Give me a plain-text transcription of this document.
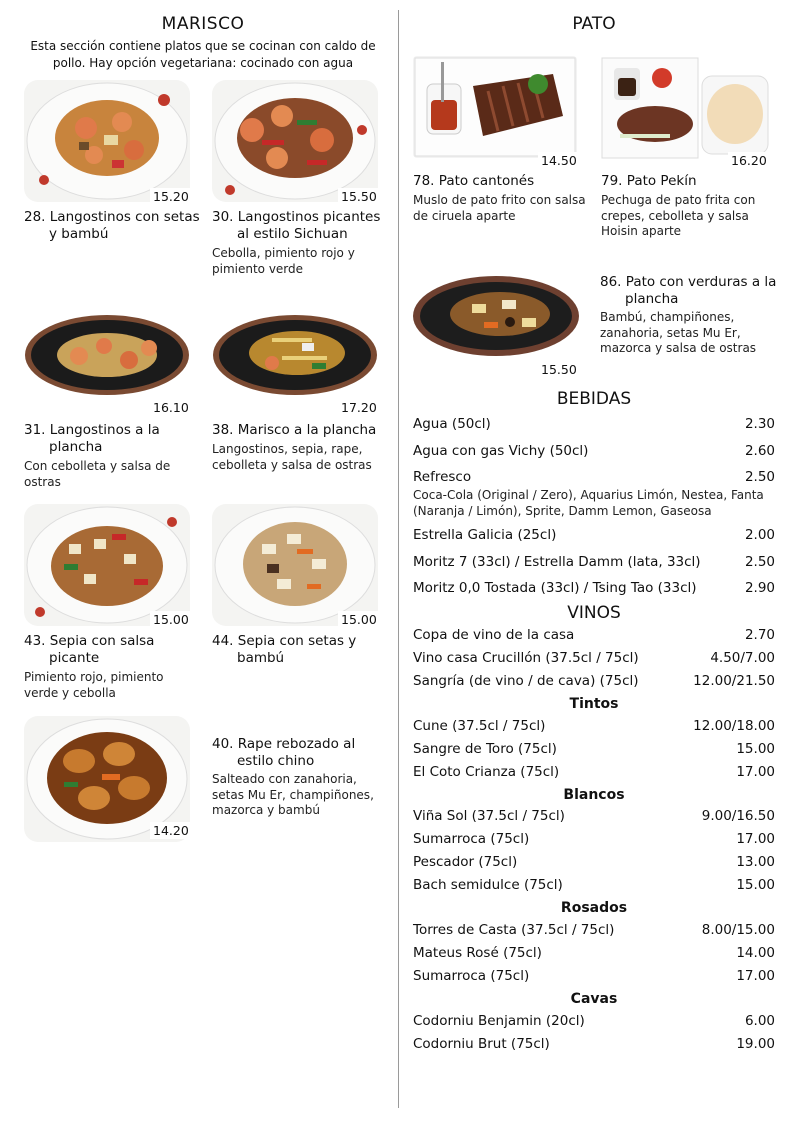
MARISCO
Esta sección contiene platos que se cocinan con caldo de pollo. Hay opción vegetariana: cocinado con agua
15.20
28. Langostinos con setas
y bambú
15.50
30. Langostinos picantes
al estilo Sichuan
Cebolla, pimiento rojo y pimiento verde
16.10
31. Langostinos a la
plancha
Con cebolleta y salsa de ostras
17.20
38. Marisco a la plancha
Langostinos, sepia, rape, cebolleta y salsa de ostras
15.00
43. Sepia con salsa
picante
Pimiento rojo, pimiento verde y cebolla
15.00
44. Sepia con setas y
bambú
14.20
40. Rape rebozado al
estilo chino
Salteado con zanahoria, setas Mu Er, champiñones, mazorca y bambú
PATO
14.50
78. Pato cantonés
Muslo de pato frito con salsa de ciruela aparte
16.20
79. Pato Pekín
Pechuga de pato frita con crepes, cebolleta y salsa Hoisin aparte
15.50
86. Pato con verduras a la
plancha
Bambú, champiñones, zanahoria, setas Mu Er, mazorca y salsa de ostras
BEBIDAS
Agua (50cl)	2.30
Agua con gas Vichy (50cl)	2.60
Refresco	2.50
Coca-Cola (Original / Zero), Aquarius Limón, Nestea, Fanta (Naranja / Limón), Sprite, Damm Lemon, Gaseosa
Estrella Galicia (25cl)	2.00
Moritz 7 (33cl) / Estrella Damm (lata, 33cl)	2.50
Moritz 0,0 Tostada (33cl) / Tsing Tao (33cl)	2.90
VINOS
Copa de vino de la casa	2.70
Vino casa Crucillón (37.5cl / 75cl)	4.50/7.00
Sangría (de vino / de cava) (75cl)	12.00/21.50
Tintos
Cune (37.5cl / 75cl)	12.00/18.00
Sangre de Toro (75cl)	15.00
El Coto Crianza (75cl)	17.00
Blancos
Viña Sol (37.5cl / 75cl)	9.00/16.50
Sumarroca (75cl)	17.00
Pescador (75cl)	13.00
Bach semidulce (75cl)	15.00
Rosados
Torres de Casta (37.5cl / 75cl)	8.00/15.00
Mateus Rosé (75cl)	14.00
Sumarroca (75cl)	17.00
Cavas
Codorniu Benjamin (20cl)	6.00
Codorniu Brut (75cl)	19.00
